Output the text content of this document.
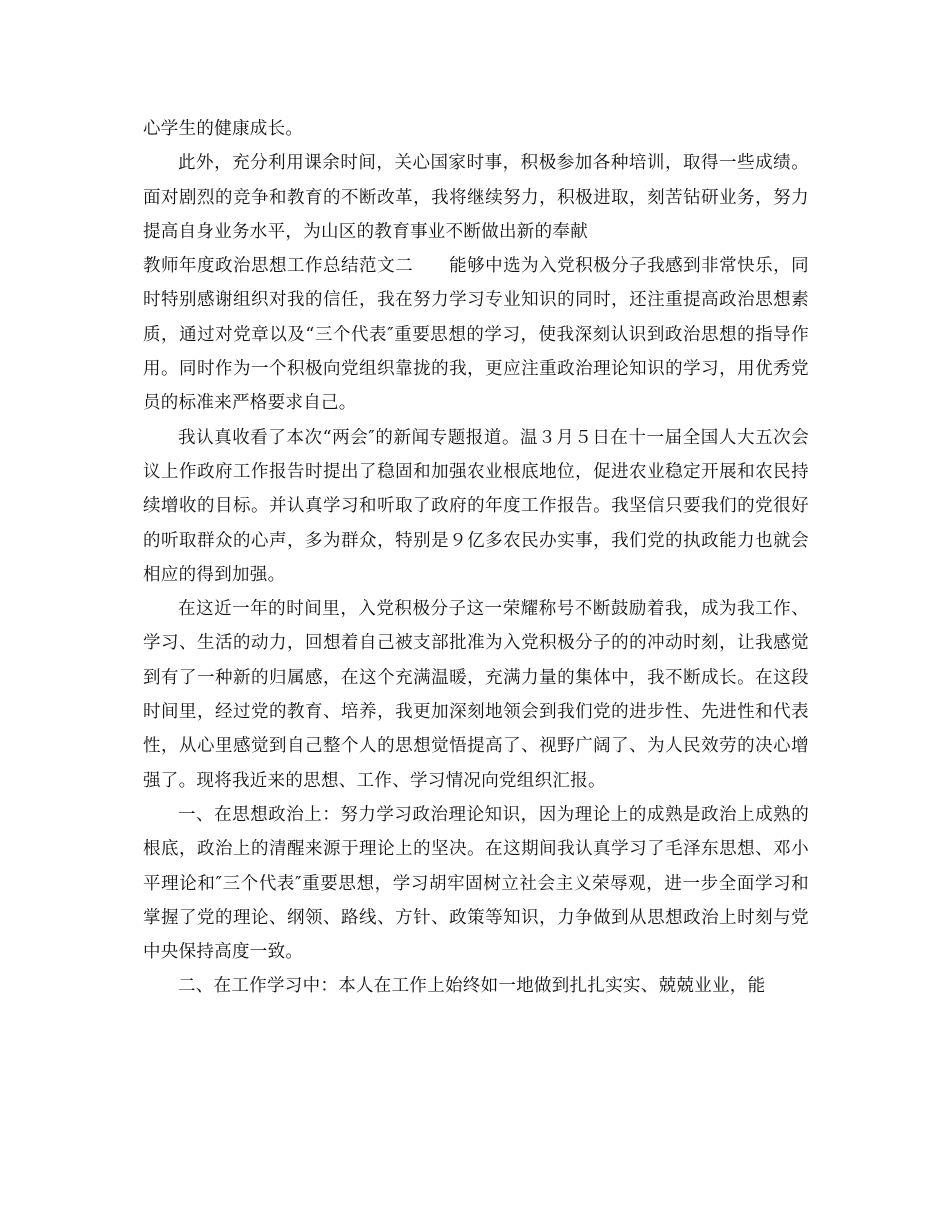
心学生的健康成长。

此外，充分利用课余时间，关心国家时事，积极参加各种培训，取得一些成绩。面对剧烈的竞争和教育的不断改革，我将继续努力，积极进取，刻苦钻研业务，努力提高自身业务水平，为山区的教育事业不断做出新的奉献

教师年度政治思想工作总结范文二　　能够中选为入党积极分子我感到非常快乐，同时特别感谢组织对我的信任，我在努力学习专业知识的同时，还注重提高政治思想素质，通过对党章以及“三个代表″重要思想的学习，使我深刻认识到政治思想的指导作用。同时作为一个积极向党组织靠拢的我，更应注重政治理论知识的学习，用优秀党员的标准来严格要求自己。

我认真收看了本次“两会″的新闻专题报道。温３月５日在十一届全国人大五次会议上作政府工作报告时提出了稳固和加强农业根底地位，促进农业稳定开展和农民持续增收的目标。并认真学习和听取了政府的年度工作报告。我坚信只要我们的党很好的听取群众的心声，多为群众，特别是９亿多农民办实事，我们党的执政能力也就会相应的得到加强。

在这近一年的时间里，入党积极分子这一荣耀称号不断鼓励着我，成为我工作、学习、生活的动力，回想着自己被支部批准为入党积极分子的的冲动时刻，让我感觉到有了一种新的归属感，在这个充满温暖，充满力量的集体中，我不断成长。在这段时间里，经过党的教育、培养，我更加深刻地领会到我们党的进步性、先进性和代表性，从心里感觉到自己整个人的思想觉悟提高了、视野广阔了、为人民效劳的决心增强了。现将我近来的思想、工作、学习情况向党组织汇报。

一、在思想政治上：努力学习政治理论知识，因为理论上的成熟是政治上成熟的根底，政治上的清醒来源于理论上的坚决。在这期间我认真学习了毛泽东思想、邓小平理论和″三个代表″重要思想，学习胡牢固树立社会主义荣辱观，进一步全面学习和掌握了党的理论、纲领、路线、方针、政策等知识，力争做到从思想政治上时刻与党中央保持高度一致。

二、在工作学习中：本人在工作上始终如一地做到扎扎实实、兢兢业业，能
